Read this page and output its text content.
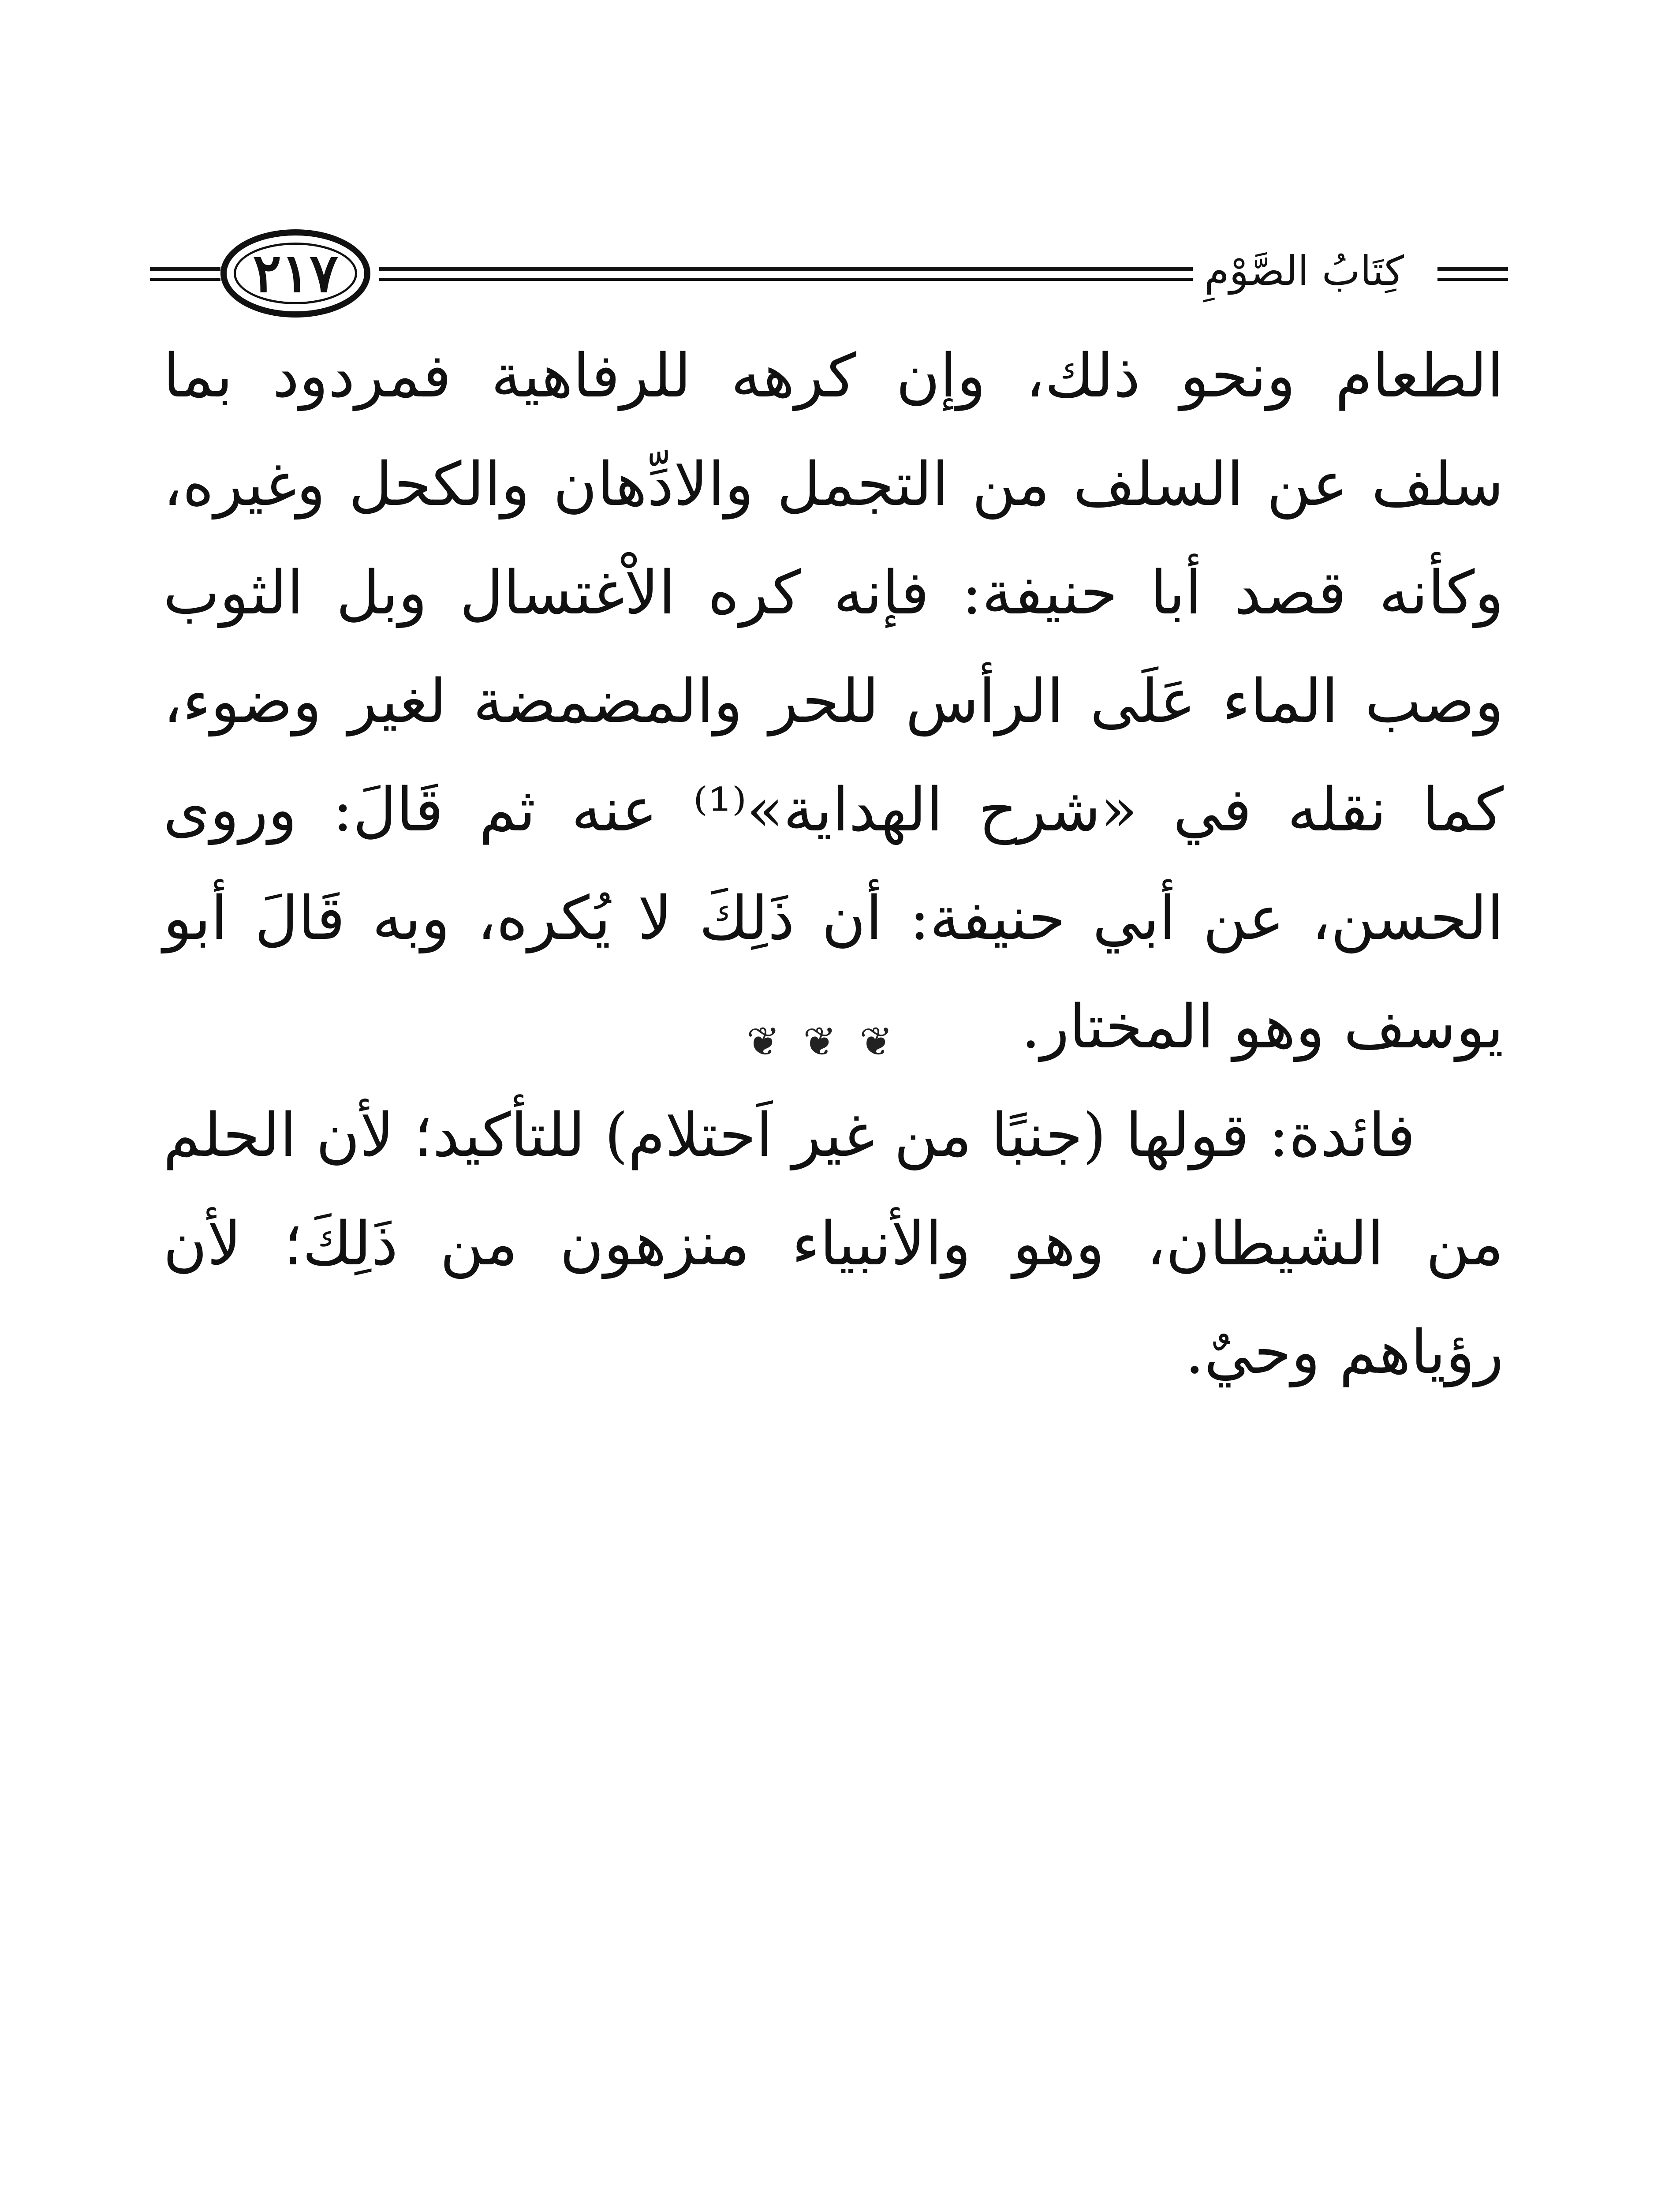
٢١٧	كِتَابُ الصَّوْمِ

الطعام ونحو ذلك، وإن كرهه للرفاهية فمردود بما سلف عن السلف من التجمل والادِّهان والكحل وغيره، وكأنه قصد أبا حنيفة: فإنه كره الاْغتسال وبل الثوب وصب الماء عَلَى الرأس للحر والمضمضة لغير وضوء، كما نقله في «شرح الهداية»⁽¹⁾ عنه ثم قَالَ: وروى الحسن، عن أبي حنيفة: أن ذَلِكَ لا يُكره، وبه قَالَ أبو يوسف وهو المختار.

فائدة: قولها (جنبًا من غير اَحتلام) للتأكيد؛ لأن الحلم من الشيطان، وهو والأنبياء منزهون من ذَلِكَ؛ لأن رؤياهم وحيٌ.

❦ ❦ ❦
